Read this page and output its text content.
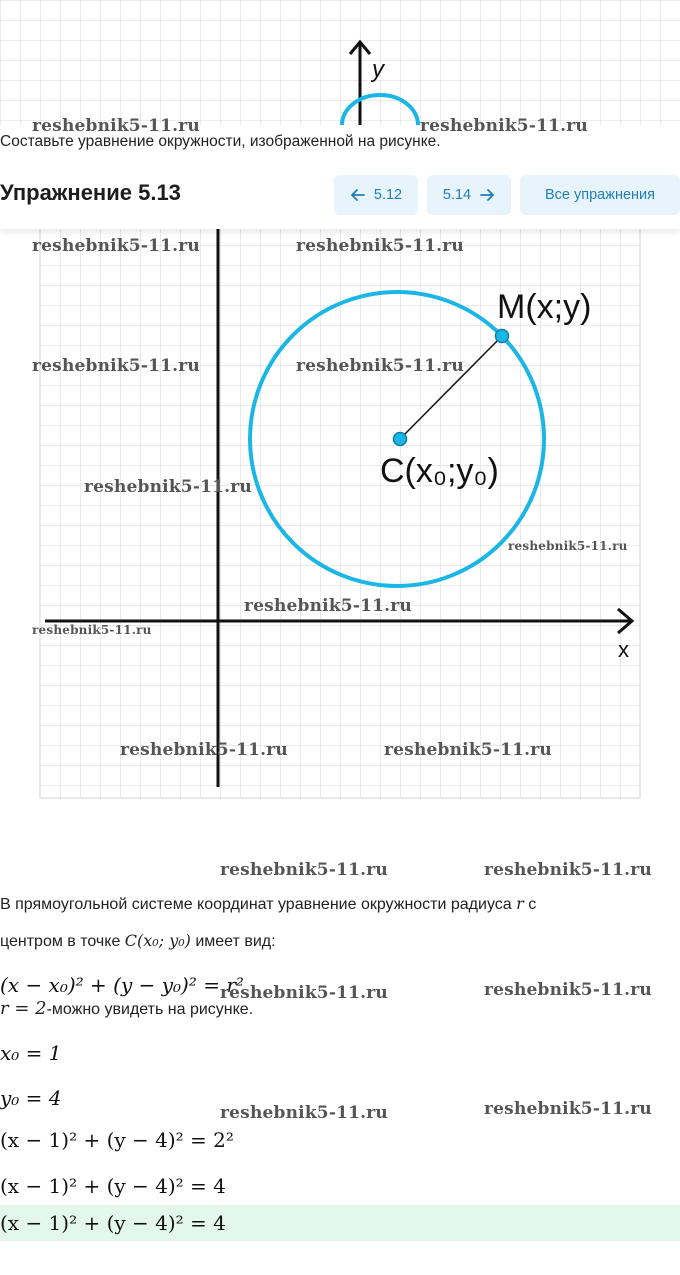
y
reshebnik5-11.ru	reshebnik5-11.ru
Составьте уравнение окружности, изображенной на рисунке.
M(x;y)
C(x₀;y₀)
x
reshebnik5-11.ru	reshebnik5-11.ru
reshebnik5-11.ru	reshebnik5-11.ru
reshebnik5-11.ru
reshebnik5-11.ru
reshebnik5-11.ru
reshebnik5-11.ru
reshebnik5-11.ru	reshebnik5-11.ru
Упражнение 5.13	5.12	5.14	Все упражнения
reshebnik5-11.ru	reshebnik5-11.ru
В прямоугольной системе координат уравнение окружности радиуса r с
центром в точке C(x₀; y₀) имеет вид:
(x − x₀)² + (y − y₀)² = r²
reshebnik5-11.ru	reshebnik5-11.ru
r = 2-можно увидеть на рисунке.
x₀ = 1
y₀ = 4
reshebnik5-11.ru	reshebnik5-11.ru
(x − 1)² + (y − 4)² = 2²
(x − 1)² + (y − 4)² = 4
(x − 1)² + (y − 4)² = 4
